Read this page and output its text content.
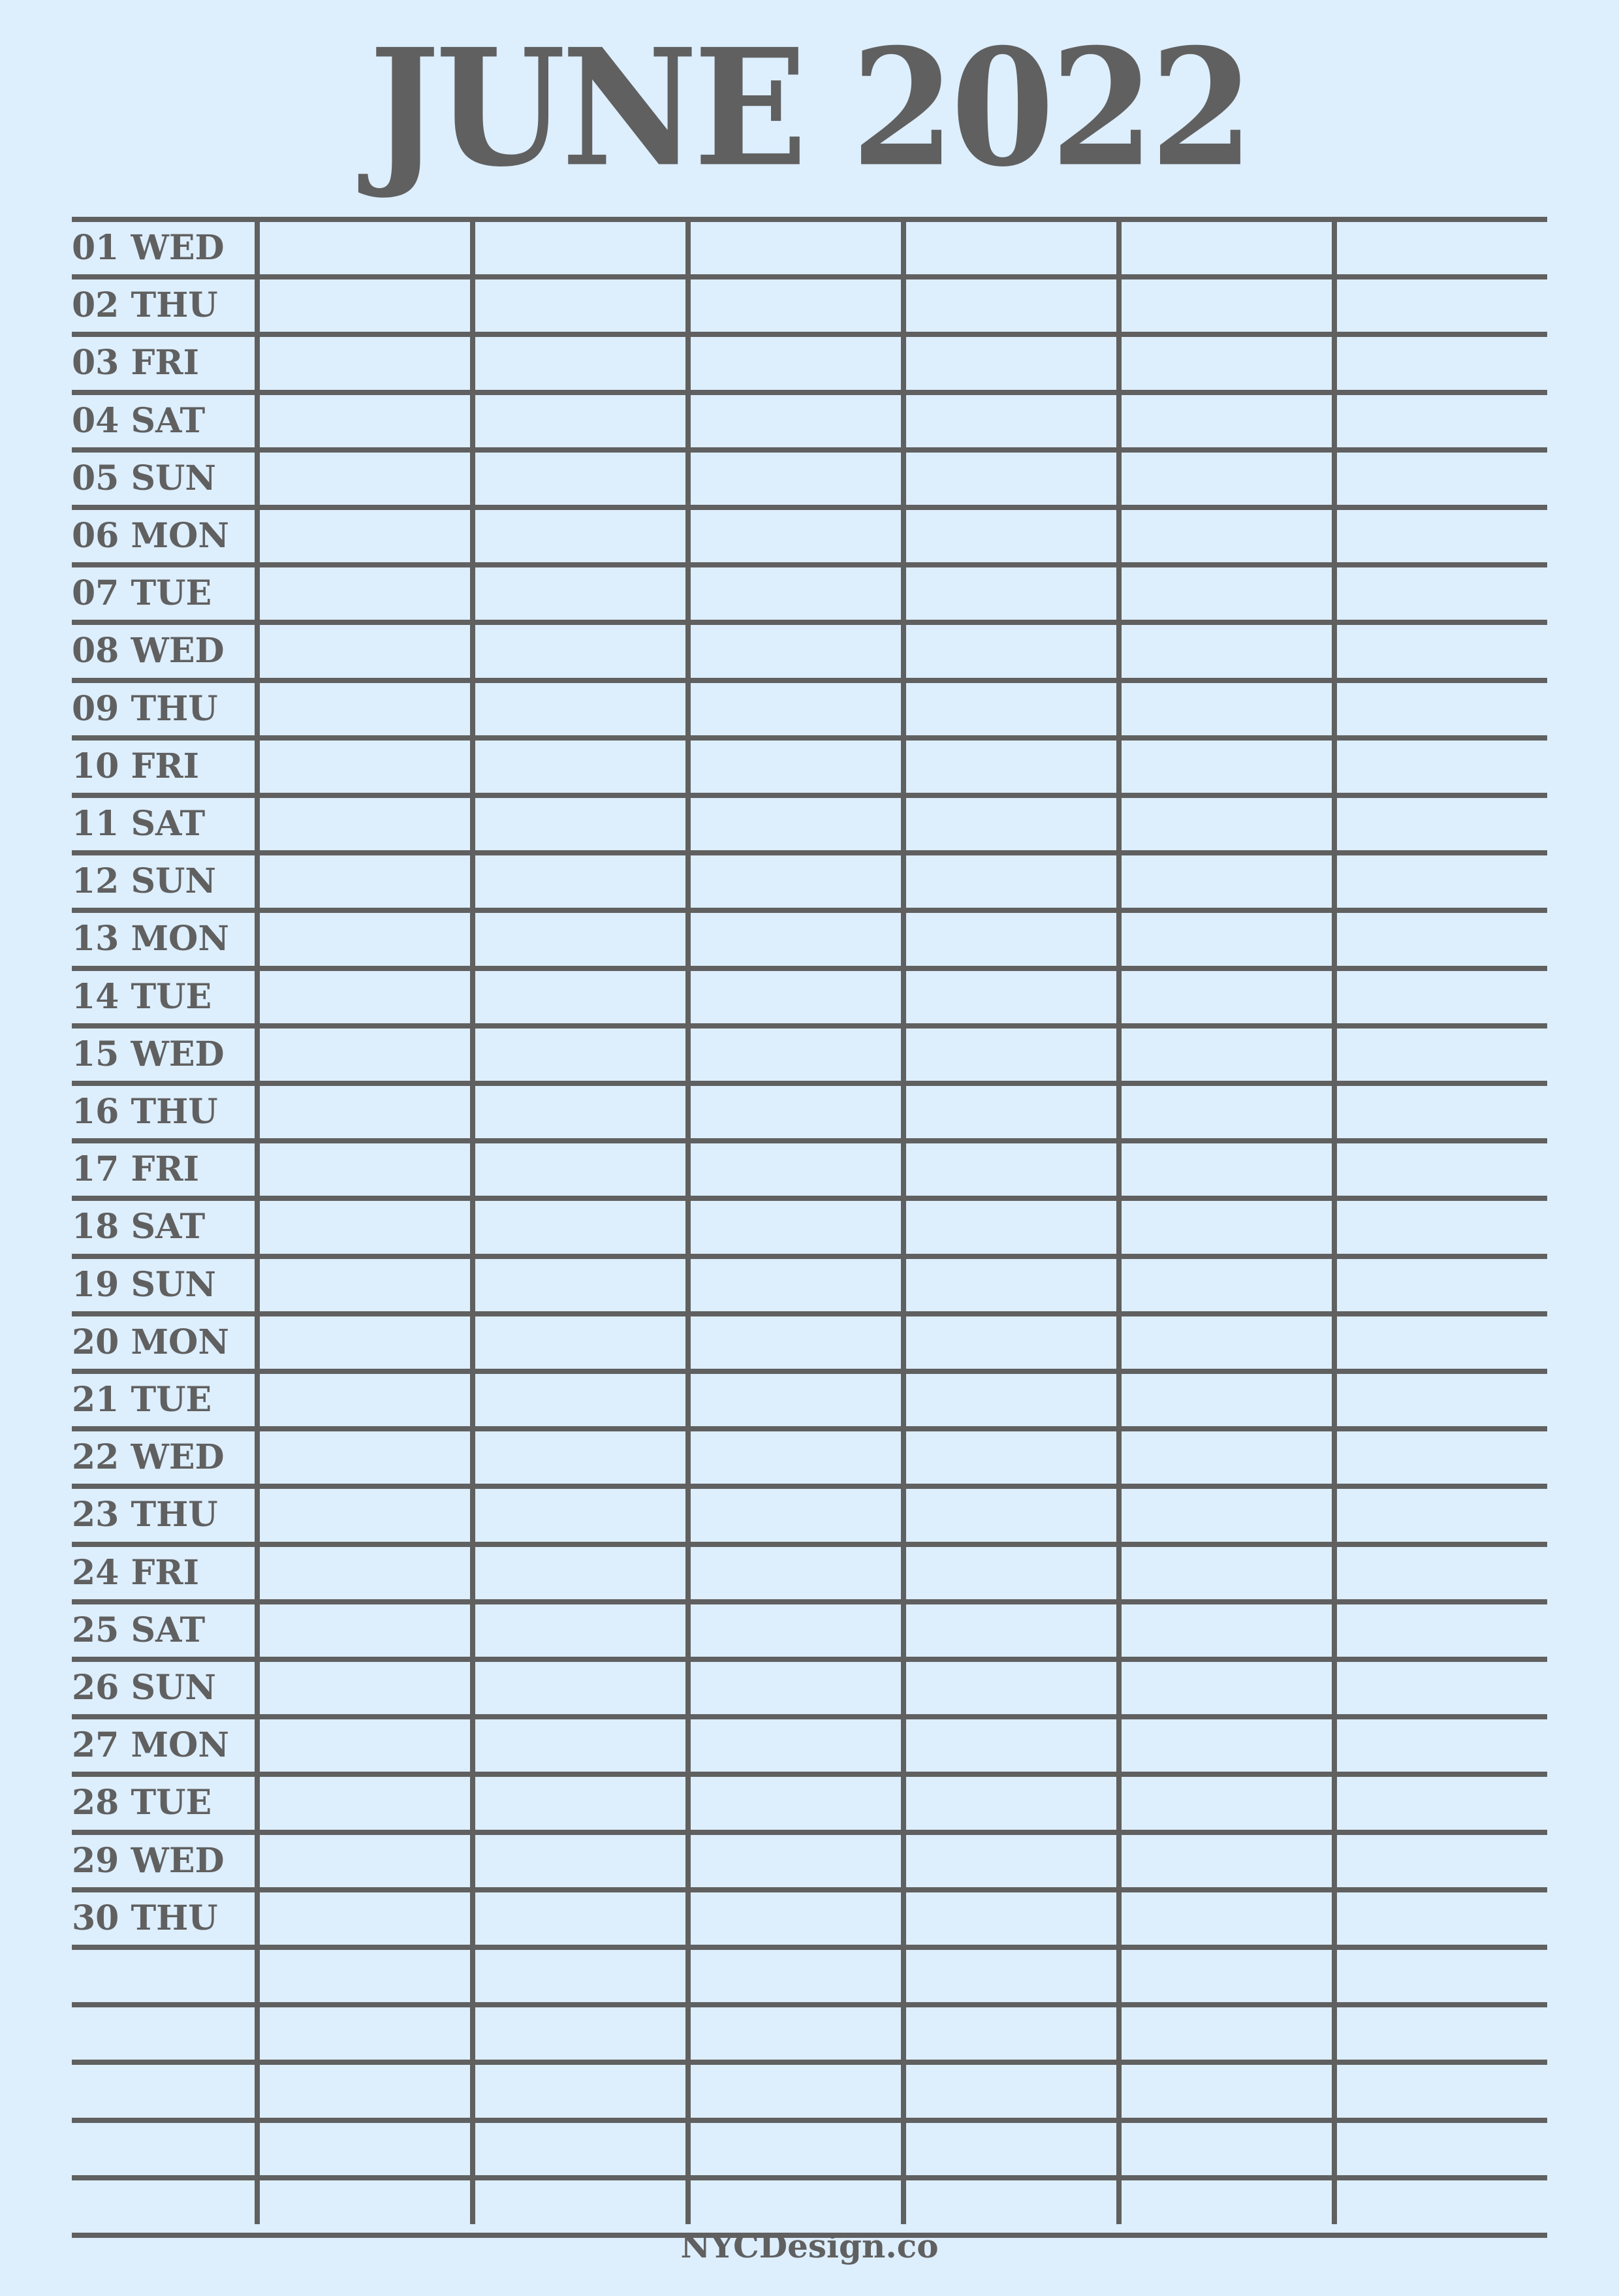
JUNE 2022
01 WED
02 THU
03 FRI
04 SAT
05 SUN
06 MON
07 TUE
08 WED
09 THU
10 FRI
11 SAT
12 SUN
13 MON
14 TUE
15 WED
16 THU
17 FRI
18 SAT
19 SUN
20 MON
21 TUE
22 WED
23 THU
24 FRI
25 SAT
26 SUN
27 MON
28 TUE
29 WED
30 THU
NYCDesign.co
